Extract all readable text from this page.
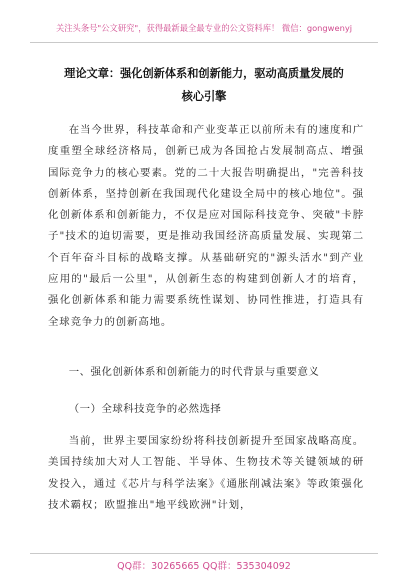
关注头条号"公文研究"，获得最新最全最专业的公文资料库！ 微信：gongwenyj
理论文章：强化创新体系和创新能力，驱动高质量发展的
核心引擎

在当今世界，科技革命和产业变革正以前所未有的速度和广度重塑全球经济格局，创新已成为各国抢占发展制高点、增强国际竞争力的核心要素。党的二十大报告明确提出，"完善科技创新体系，坚持创新在我国现代化建设全局中的核心地位"。强化创新体系和创新能力，不仅是应对国际科技竞争、突破"卡脖子"技术的迫切需要，更是推动我国经济高质量发展、实现第二个百年奋斗目标的战略支撑。从基础研究的"源头活水"到产业应用的"最后一公里"，从创新生态的构建到创新人才的培育，强化创新体系和能力需要系统性谋划、协同性推进，打造具有全球竞争力的创新高地。

一、强化创新体系和创新能力的时代背景与重要意义
（一）全球科技竞争的必然选择

当前，世界主要国家纷纷将科技创新提升至国家战略高度。美国持续加大对人工智能、半导体、生物技术等关键领域的研发投入，通过《芯片与科学法案》《通胀削减法案》等政策强化技术霸权；欧盟推出"地平线欧洲"计划，

QQ群：30265665 QQ群：535304092
